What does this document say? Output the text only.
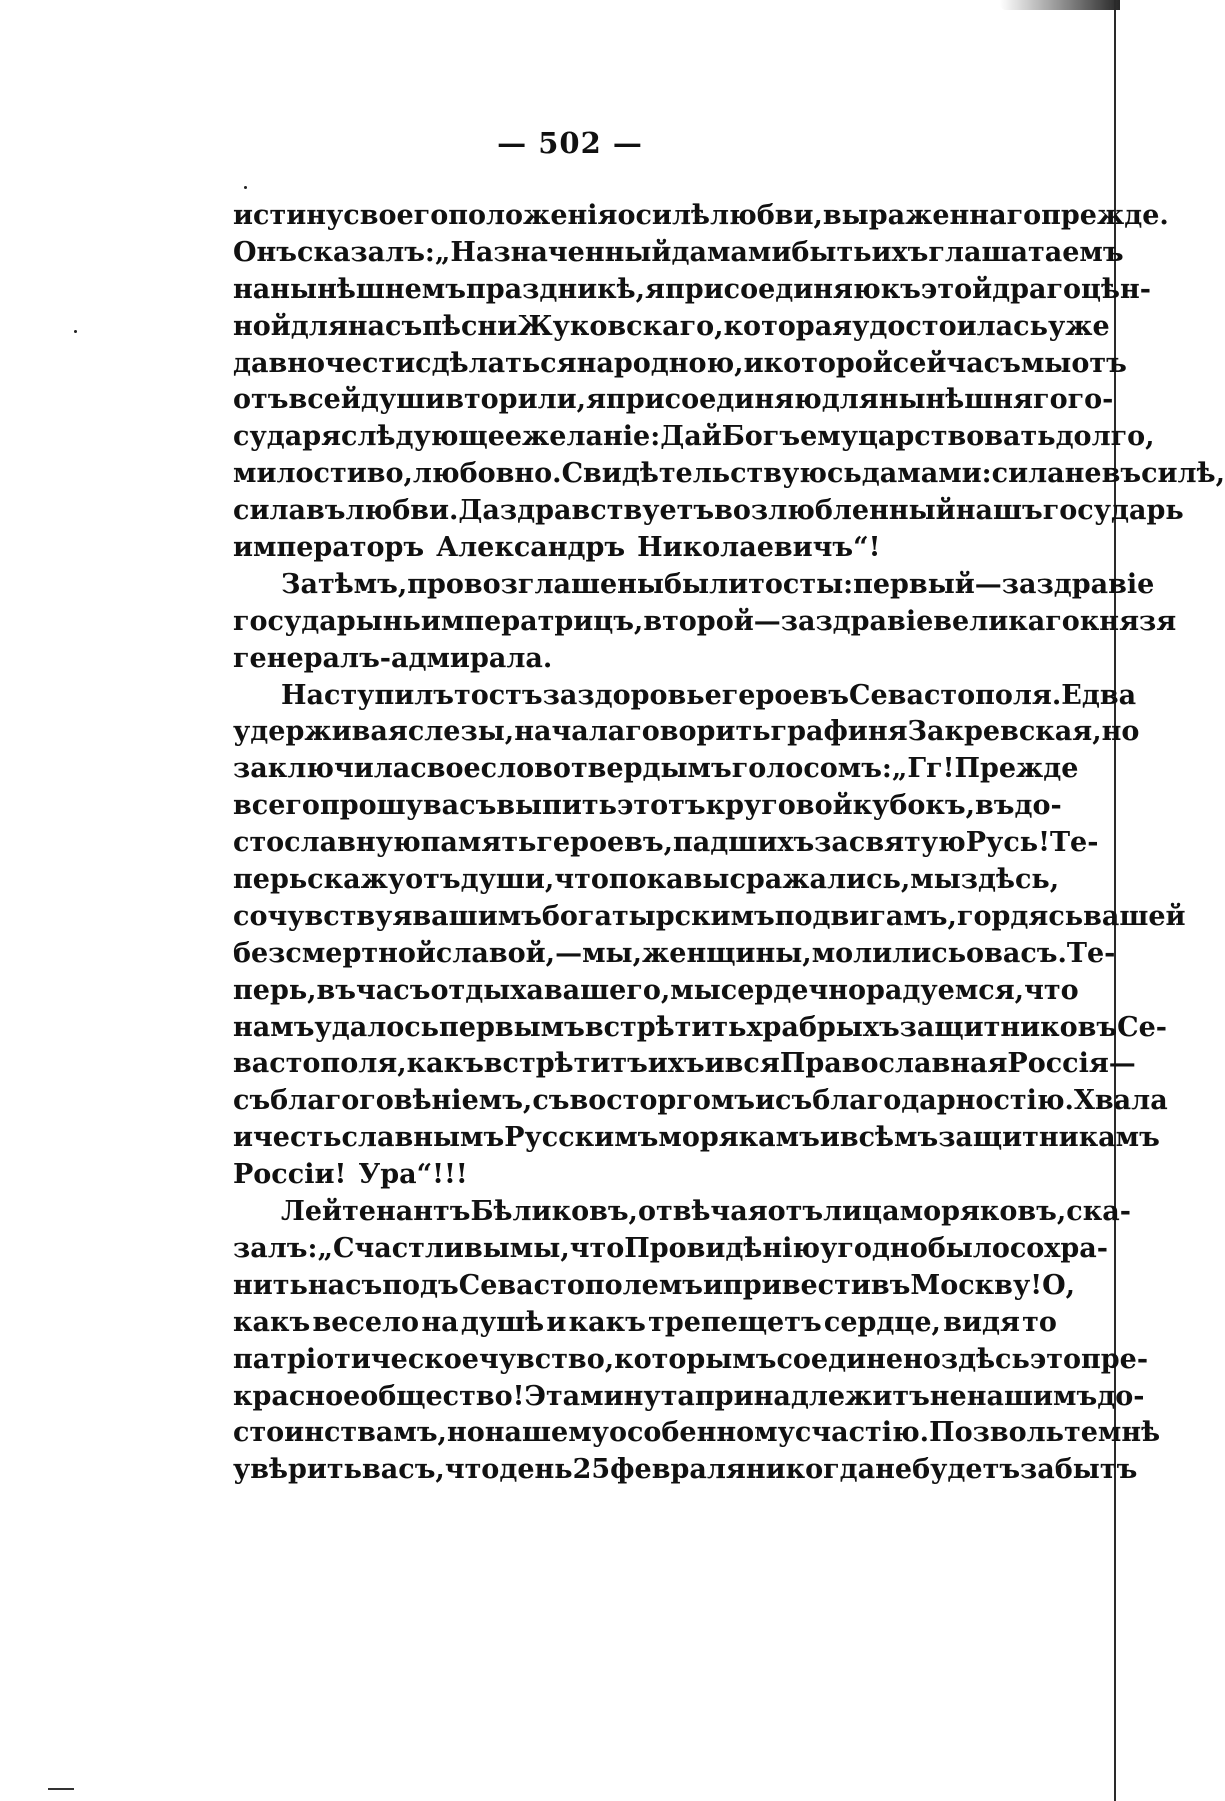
— 502 —
истину своего положенія о силѣ любви, выраженнаго прежде.
Онъ сказалъ: „Назначенный дамами быть ихъ глашатаемъ
на нынѣшнемъ праздникѣ, я присоединяю къ этой драгоцѣн-
ной для насъ пѣсни Жуковскаго, которая удостоилась уже
давно чести сдѣлаться народною, и которой сейчасъ мы отъ
отъ всей души вторили, я присоединяю для нынѣшняго го-
сударя слѣдующее желаніе: Дай Богъ ему царствовать долго,
милостиво, любовно. Свидѣтельствуюсь дамами: сила не въ силѣ,
сила въ любви. Да здравствуетъ возлюбленный нашъ государь
императоръ Александръ Николаевичъ“!
За тѣмъ, провозглашены были тосты: первый—за здравіе
государынь императрицъ, второй—за здравіе великаго князя
генералъ-адмирала.
Наступилъ тостъ за здоровье героевъ Севастополя. Едва
удерживая слезы, начала говорить графиня Закревская, но
заключила свое слово твердымъ голосомъ: „Гг! Прежде
всего прошу васъ выпить этотъ круговой кубокъ, въ до-
стославную память героевъ, падшихъ за святую Русь! Те-
перь скажу отъ души, что пока вы сражались, мы здѣсь,
сочувствуя вашимъ богатырскимъ подвигамъ, гордясь вашей
безсмертной славой, — мы, женщины, молились о васъ. Те-
перь, въ часъ отдыха вашего, мы сердечно радуемся, что
намъ удалось первымъ встрѣтить храбрыхъ защитниковъ Се-
вастополя, какъ встрѣтитъ ихъ и вся Православная Россія—
съ благоговѣніемъ, съ восторгомъ и съ благодарностію. Хвала
и честь славнымъ Русскимъ морякамъ и всѣмъ защитникамъ
Россіи! Ура“!!!
Лейтенантъ Бѣликовъ, отвѣчая отъ лица моряковъ, ска-
залъ: „Счастливы мы, что Провидѣнію угодно было сохра-
нить насъ подъ Севастополемъ и привести въ Москву! О,
какъ весело на душѣ и какъ трепещетъ сердце, видя то
патріотическое чувство, которымъ соединено здѣсь это пре-
красное общество! Эта минута принадлежитъ не нашимъ до-
стоинствамъ, но нашему особенному счастію. Позвольте мнѣ
увѣрить васъ, что день 25 февраля никогда не будетъ забытъ
